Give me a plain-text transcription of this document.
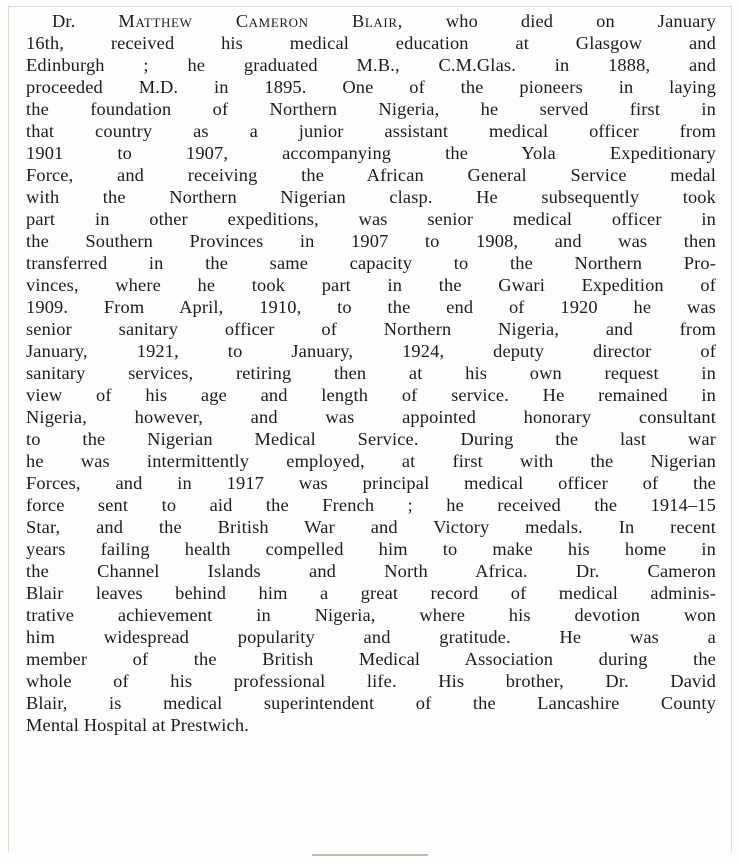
Dr. Matthew Cameron Blair, who died on January
16th, received his medical education at Glasgow and
Edinburgh ; he graduated M.B., C.M.Glas. in 1888, and
proceeded M.D. in 1895. One of the pioneers in laying
the foundation of Northern Nigeria, he served first in
that country as a junior assistant medical officer from
1901 to 1907, accompanying the Yola Expeditionary
Force, and receiving the African General Service medal
with the Northern Nigerian clasp. He subsequently took
part in other expeditions, was senior medical officer in
the Southern Provinces in 1907 to 1908, and was then
transferred in the same capacity to the Northern Pro-
vinces, where he took part in the Gwari Expedition of
1909. From April, 1910, to the end of 1920 he was
senior sanitary officer of Northern Nigeria, and from
January, 1921, to January, 1924, deputy director of
sanitary services, retiring then at his own request in
view of his age and length of service. He remained in
Nigeria, however, and was appointed honorary consultant
to the Nigerian Medical Service. During the last war
he was intermittently employed, at first with the Nigerian
Forces, and in 1917 was principal medical officer of the
force sent to aid the French ; he received the 1914–15
Star, and the British War and Victory medals. In recent
years failing health compelled him to make his home in
the Channel Islands and North Africa. Dr. Cameron
Blair leaves behind him a great record of medical adminis-
trative achievement in Nigeria, where his devotion won
him widespread popularity and gratitude. He was a
member of the British Medical Association during the
whole of his professional life. His brother, Dr. David
Blair, is medical superintendent of the Lancashire County
Mental Hospital at Prestwich.
